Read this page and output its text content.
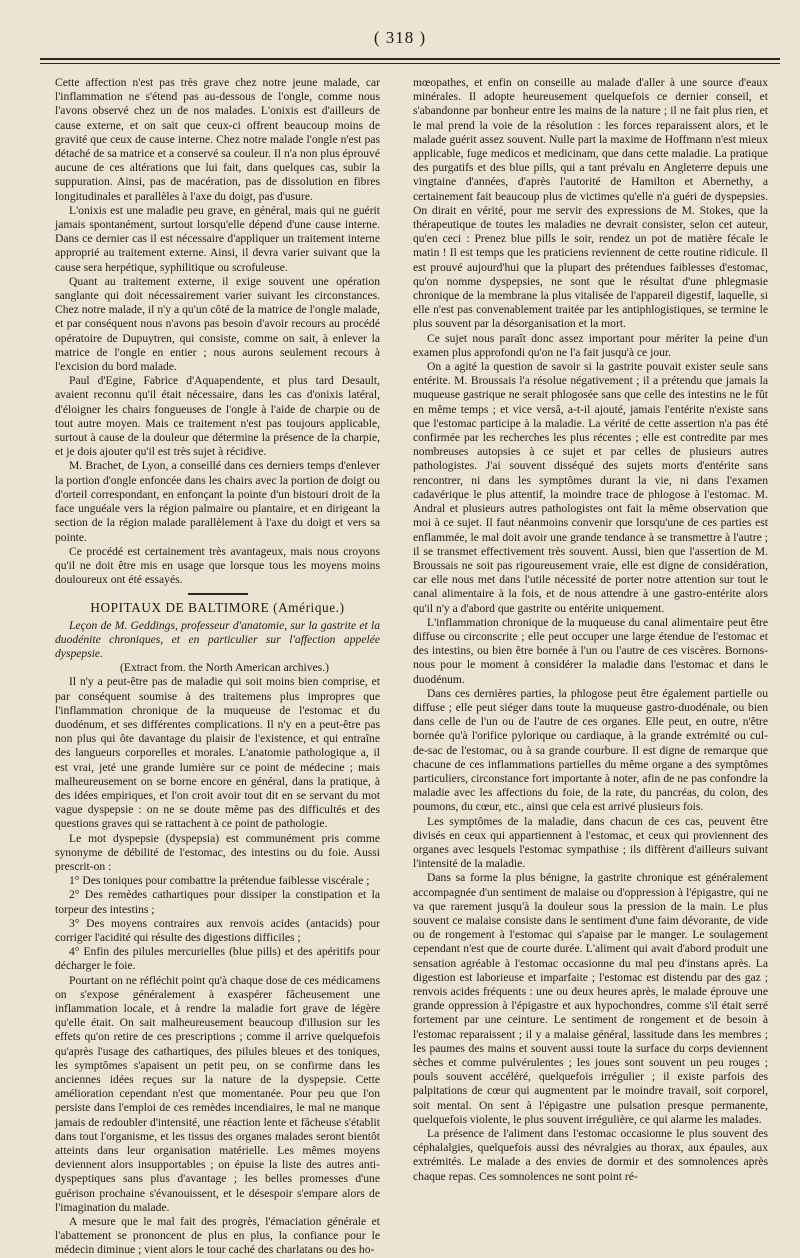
( 318 )

Cette affection n'est pas très grave chez notre jeune malade, car l'inflammation ne s'étend pas au-dessous de l'ongle, comme nous l'avons observé chez un de nos malades. L'onixis est d'ailleurs de cause externe, et on sait que ceux-ci offrent beaucoup moins de gravité que ceux de cause interne. Chez notre malade l'ongle n'est pas détaché de sa matrice et a conservé sa couleur. Il n'a non plus éprouvé aucune de ces altérations que lui fait, dans quelques cas, subir la suppuration. Ainsi, pas de macération, pas de dissolution en fibres longitudinales et parallèles à l'axe du doigt, pas d'usure.

L'onixis est une maladie peu grave, en général, mais qui ne guérit jamais spontanément, surtout lorsqu'elle dépend d'une cause interne. Dans ce dernier cas il est nécessaire d'appliquer un traitement interne approprié au traitement externe. Ainsi, il devra varier suivant que la cause sera herpétique, syphilitique ou scrofuleuse.

Quant au traitement externe, il exige souvent une opération sanglante qui doit nécessairement varier suivant les circonstances. Chez notre malade, il n'y a qu'un côté de la matrice de l'ongle malade, et par conséquent nous n'avons pas besoin d'avoir recours au procédé opératoire de Dupuytren, qui consiste, comme on sait, à enlever la matrice de l'ongle en entier ; nous aurons seulement recours à l'excision du bord malade.

Paul d'Egine, Fabrice d'Aquapendente, et plus tard Desault, avaient reconnu qu'il était nécessaire, dans les cas d'onixis latéral, d'éloigner les chairs fongueuses de l'ongle à l'aide de charpie ou de tout autre moyen. Mais ce traitement n'est pas toujours applicable, surtout à cause de la douleur que détermine la présence de la charpie, et je dois ajouter qu'il est très sujet à récidive.

M. Brachet, de Lyon, a conseillé dans ces derniers temps d'enlever la portion d'ongle enfoncée dans les chairs avec la portion de doigt ou d'orteil correspondant, en enfonçant la pointe d'un bistouri droit de la face unguéale vers la région palmaire ou plantaire, et en dirigeant la section de la région malade parallèlement à l'axe du doigt et vers sa pointe.

Ce procédé est certainement très avantageux, mais nous croyons qu'il ne doit être mis en usage que lorsque tous les moyens moins douloureux ont été essayés.

HOPITAUX DE BALTIMORE (Amérique.)

Leçon de M. Geddings, professeur d'anatomie, sur la gastrite et la duodénite chroniques, et en particulier sur l'affection appelée dyspepsie.

(Extract from. the North American archives.)

Il n'y a peut-être pas de maladie qui soit moins bien comprise, et par conséquent soumise à des traitemens plus impropres que l'inflammation chronique de la muqueuse de l'estomac et du duodénum, et ses différentes complications. Il n'y en a peut-être pas non plus qui ôte davantage du plaisir de l'existence, et qui entraîne des langueurs corporelles et morales. L'anatomie pathologique a, il est vrai, jeté une grande lumière sur ce point de médecine ; mais malheureusement on se borne encore en général, dans la pratique, à des idées empiriques, et l'on croit avoir tout dit en se servant du mot vague dyspepsie : on ne se doute même pas des difficultés et des questions graves qui se rattachent à ce point de pathologie.

Le mot dyspepsie (dyspepsia) est communément pris comme synonyme de débilité de l'estomac, des intestins ou du foie. Aussi prescrit-on :

1° Des toniques pour combattre la prétendue faiblesse viscérale ;
2° Des remèdes cathartiques pour dissiper la constipation et la torpeur des intestins ;
3° Des moyens contraires aux renvois acides (antacids) pour corriger l'acidité qui résulte des digestions difficiles ;
4° Enfin des pilules mercurielles (blue pills) et des apéritifs pour décharger le foie.

Pourtant on ne réfléchit point qu'à chaque dose de ces médicamens on s'expose généralement à exaspérer fâcheusement une inflammation locale, et à rendre la maladie fort grave de légère qu'elle était. On sait malheureusement beaucoup d'illusion sur les effets qu'on retire de ces prescriptions ; comme il arrive quelquefois qu'après l'usage des cathartiques, des pilules bleues et des toniques, les symptômes s'apaisent un petit peu, on se confirme dans les anciennes idées reçues sur la nature de la dyspepsie. Cette amélioration cependant n'est que momentanée. Pour peu que l'on persiste dans l'emploi de ces remèdes incendiaires, le mal ne manque jamais de redoubler d'intensité, une réaction lente et fâcheuse s'établit dans tout l'organisme, et les tissus des organes malades seront bientôt atteints dans leur organisation matérielle. Les mêmes moyens deviennent alors insupportables ; on épuise la liste des autres anti-dyspeptiques sans plus d'avantage ; les belles promesses d'une guérison prochaine s'évanouissent, et le désespoir s'empare alors de l'imagination du malade.

A mesure que le mal fait des progrès, l'émaciation générale et l'abattement se prononcent de plus en plus, la confiance pour le médecin diminue ; vient alors le tour caché des charlatans ou des ho-

mœopathes, et enfin on conseille au malade d'aller à une source d'eaux minérales. Il adopte heureusement quelquefois ce dernier conseil, et s'abandonne par bonheur entre les mains de la nature ; il ne fait plus rien, et le mal prend la voie de la résolution : les forces reparaissent alors, et le malade guérit assez souvent. Nulle part la maxime de Hoffmann n'est mieux applicable, fuge medicos et medicinam, que dans cette maladie. La pratique des purgatifs et des blue pills, qui a tant prévalu en Angleterre depuis une vingtaine d'années, d'après l'autorité de Hamilton et Abernethy, a certainement fait beaucoup plus de victimes qu'elle n'a guéri de dyspepsies. On dirait en vérité, pour me servir des expressions de M. Stokes, que la thérapeutique de toutes les maladies ne devrait consister, selon cet auteur, qu'en ceci : Prenez blue pills le soir, rendez un pot de matière fécale le matin ! Il est temps que les praticiens reviennent de cette routine ridicule. Il est prouvé aujourd'hui que la plupart des prétendues faiblesses d'estomac, qu'on nomme dyspepsies, ne sont que le résultat d'une phlegmasie chronique de la membrane la plus vitalisée de l'appareil digestif, laquelle, si elle n'est pas convenablement traitée par les antiphlogistiques, se termine le plus souvent par la désorganisation et la mort.

Ce sujet nous paraît donc assez important pour mériter la peine d'un examen plus approfondi qu'on ne l'a fait jusqu'à ce jour.

On a agité la question de savoir si la gastrite pouvait exister seule sans entérite. M. Broussais l'a résolue négativement ; il a prétendu que jamais la muqueuse gastrique ne serait phlogosée sans que celle des intestins ne le fût en même temps ; et vice versâ, a-t-il ajouté, jamais l'entérite n'existe sans que l'estomac participe à la maladie. La vérité de cette assertion n'a pas été confirmée par les recherches les plus récentes ; elle est contredite par mes nombreuses autopsies à ce sujet et par celles de plusieurs autres pathologistes. J'ai souvent disséqué des sujets morts d'entérite sans rencontrer, ni dans les symptômes durant la vie, ni dans l'examen cadavérique le plus attentif, la moindre trace de phlogose à l'estomac. M. Andral et plusieurs autres pathologistes ont fait la même observation que moi à ce sujet. Il faut néanmoins convenir que lorsqu'une de ces parties est enflammée, le mal doit avoir une grande tendance à se transmettre à l'autre ; il se transmet effectivement très souvent. Aussi, bien que l'assertion de M. Broussais ne soit pas rigoureusement vraie, elle est digne de considération, car elle nous met dans l'utile nécessité de porter notre attention sur tout le canal alimentaire à la fois, et de nous attendre à une gastro-entérite alors qu'il n'y a d'abord que gastrite ou entérite uniquement.

L'inflammation chronique de la muqueuse du canal alimentaire peut être diffuse ou circonscrite ; elle peut occuper une large étendue de l'estomac et des intestins, ou bien être bornée à l'un ou l'autre de ces viscères. Bornons-nous pour le moment à considérer la maladie dans l'estomac et dans le duodénum.

Dans ces dernières parties, la phlogose peut être également partielle ou diffuse ; elle peut siéger dans toute la muqueuse gastro-duodénale, ou bien dans celle de l'un ou de l'autre de ces organes. Elle peut, en outre, n'être bornée qu'à l'orifice pylorique ou cardiaque, à la grande extrémité ou cul-de-sac de l'estomac, ou à sa grande courbure. Il est digne de remarque que chacune de ces inflammations partielles du même organe a des symptômes particuliers, circonstance fort importante à noter, afin de ne pas confondre la maladie avec les affections du foie, de la rate, du pancréas, du colon, des poumons, du cœur, etc., ainsi que cela est arrivé plusieurs fois.

Les symptômes de la maladie, dans chacun de ces cas, peuvent être divisés en ceux qui appartiennent à l'estomac, et ceux qui proviennent des organes avec lesquels l'estomac sympathise ; ils diffèrent d'ailleurs suivant l'intensité de la maladie.

Dans sa forme la plus bénigne, la gastrite chronique est généralement accompagnée d'un sentiment de malaise ou d'oppression à l'épigastre, qui ne va que rarement jusqu'à la douleur sous la pression de la main. Le plus souvent ce malaise consiste dans le sentiment d'une faim dévorante, de vide ou de rongement à l'estomac qui s'apaise par le manger. Le soulagement cependant n'est que de courte durée. L'aliment qui avait d'abord produit une sensation agréable à l'estomac occasionne du mal peu d'instans après. La digestion est laborieuse et imparfaite ; l'estomac est distendu par des gaz ; renvois acides fréquents : une ou deux heures après, le malade éprouve une grande oppression à l'épigastre et aux hypochondres, comme s'il était serré fortement par une ceinture. Le sentiment de rongement et de besoin à l'estomac reparaissent ; il y a malaise général, lassitude dans les membres ; les paumes des mains et souvent aussi toute la surface du corps deviennent sèches et comme pulvérulentes ; les joues sont souvent un peu rouges ; pouls souvent accéléré, quelquefois irrégulier ; il existe parfois des palpitations de cœur qui augmentent par le moindre travail, soit corporel, soit mental. On sent à l'épigastre une pulsation presque permanente, quelquefois violente, le plus souvent irrégulière, ce qui alarme les malades.

La présence de l'aliment dans l'estomac occasionne le plus souvent des céphalalgies, quelquefois aussi des névralgies au thorax, aux épaules, aux extrémités. Le malade a des envies de dormir et des somnolences après chaque repas. Ces somnolences ne sont point ré-
